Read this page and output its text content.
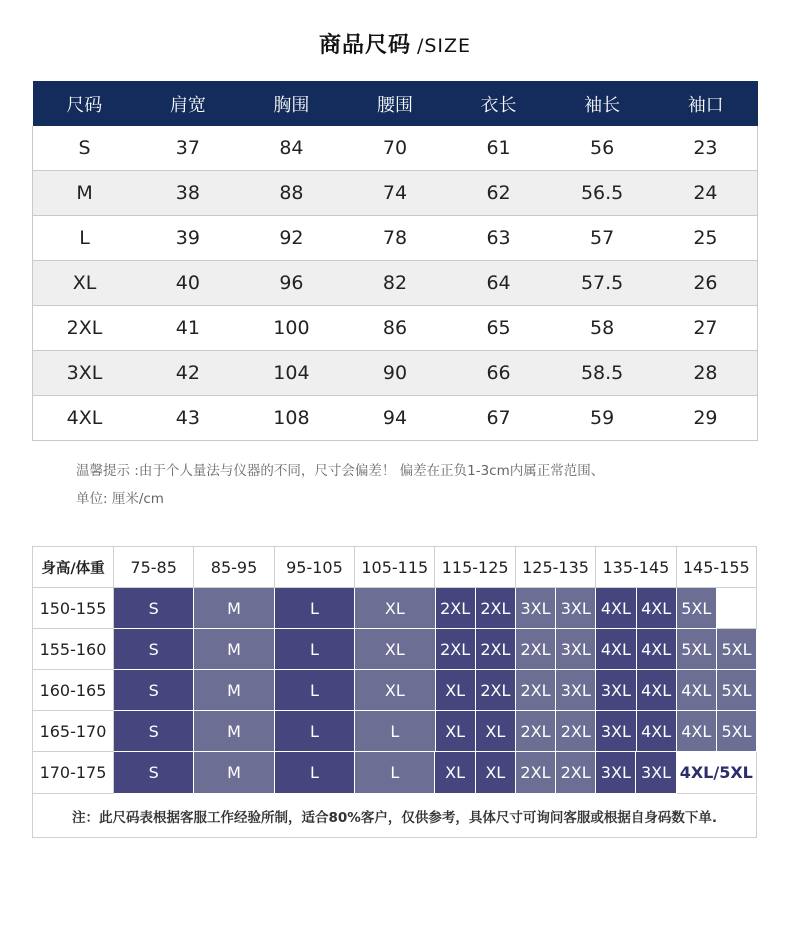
商品尺码 /SIZE
尺码	肩宽	胸围	腰围	衣长	袖长	袖口
S	37	84	70	61	56	23
M	38	88	74	62	56.5	24
L	39	92	78	63	57	25
XL	40	96	82	64	57.5	26
2XL	41	100	86	65	58	27
3XL	42	104	90	66	58.5	28
4XL	43	108	94	67	59	29
温馨提示 :由于个人量法与仪器的不同，尺寸会偏差！ 偏差在正负1-3cm内属正常范围、
单位: 厘米/cm
注：此尺码表根据客服工作经验所制，适合80%客户，仅供参考，具体尺寸可询问客服或根据自身码数下单.
身高/体重	75-85	85-95	95-105	105-115 115-125 125-135 135-145 145-155
150-155	S	M	L	XL	2XL 2XL 3XL 3XL 4XL 4XL 5XL
155-160	S	M	L	XL	2XL 2XL 2XL 3XL 4XL 4XL 5XL 5XL
160-165	S	M	L	XL	XL 2XL 2XL 3XL 3XL 4XL 4XL 5XL
165-170	S	M	L	L	XL	XL 2XL 2XL 3XL 4XL 4XL 5XL
170-175	S	M	L	L	XL	XL 2XL 2XL 3XL 3XL 4XL/5XL
